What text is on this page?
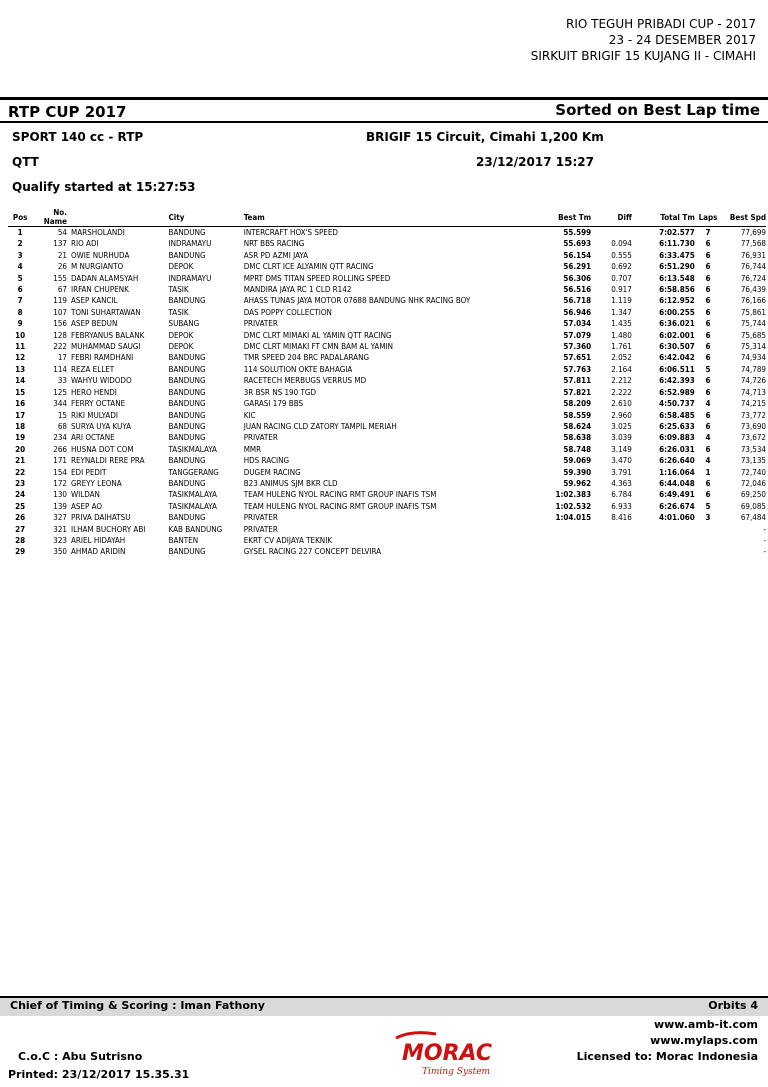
RIO TEGUH PRIBADI CUP - 2017
23 - 24 DESEMBER 2017
SIRKUIT BRIGIF 15 KUJANG II - CIMAHI
RTP CUP 2017	Sorted on Best Lap time
SPORT 140 cc - RTP	BRIGIF 15 Circuit, Cimahi 1,200 Km
QTT	23/12/2017 15:27
Qualify started at 15:27:53
Pos	No. Name		City	Team	Best Tm	Diff	Total Tm	Laps	Best Spd
1	54	MARSHOLANDI	BANDUNG	INTERCRAFT HOX'S SPEED	55.599		7:02.577	7	77,699
2	137	RIO ADI	INDRAMAYU	NRT BBS RACING	55.693	0.094	6:11.730	6	77,568
3	21	OWIE NURHUDA	BANDUNG	ASR PD AZMI JAYA	56.154	0.555	6:33.475	6	76,931
4	26	M NURGIANTO	DEPOK	DMC CLRT ICE ALYAMIN QTT RACING	56.291	0.692	6:51.290	6	76,744
5	155	DADAN ALAMSYAH	INDRAMAYU	MPRT DMS TITAN SPEED ROLLING SPEED	56.306	0.707	6:13.548	6	76,724
6	67	IRFAN CHUPENK	TASIK	MANDIRA JAYA RC 1 CLD R142	56.516	0.917	6:58.856	6	76,439
7	119	ASEP KANCIL	BANDUNG	AHASS TUNAS JAYA MOTOR 07688 BANDUNG NHK RACING BOY	56.718	1.119	6:12.952	6	76,166
8	107	TONI SUHARTAWAN	TASIK	DAS POPPY COLLECTION	56.946	1.347	6:00.255	6	75,861
9	156	ASEP BEDUN	SUBANG	PRIVATER	57.034	1.435	6:36.021	6	75,744
10	128	FEBRYANUS BALANK	DEPOK	DMC CLRT MIMAKI AL YAMIN QTT RACING	57.079	1.480	6:02.001	6	75,685
11	222	MUHAMMAD SAUGI	DEPOK	DMC CLRT MIMAKI FT CMN BAM AL YAMIN	57.360	1.761	6:30.507	6	75,314
12	17	FEBRI RAMDHANI	BANDUNG	TMR SPEED 204 BRC PADALARANG	57.651	2.052	6:42.042	6	74,934
13	114	REZA ELLET	BANDUNG	114 SOLUTION OKTE BAHAGIA	57.763	2.164	6:06.511	5	74,789
14	33	WAHYU WIDODO	BANDUNG	RACETECH MERBUGS VERRUS MD	57.811	2.212	6:42.393	6	74,726
15	125	HERO HENDI	BANDUNG	3R BSR NS 190 TGD	57.821	2.222	6:52.989	6	74,713
16	344	FERRY OCTANE	BANDUNG	GARASI 179 BBS	58.209	2.610	4:50.737	4	74,215
17	15	RIKI MULYADI	BANDUNG	KIC	58.559	2.960	6:58.485	6	73,772
18	68	SURYA UYA KUYA	BANDUNG	JUAN RACING CLD ZATORY TAMPIL MERIAH	58.624	3.025	6:25.633	6	73,690
19	234	ARI OCTANE	BANDUNG	PRIVATER	58.638	3.039	6:09.883	4	73,672
20	266	HUSNA DOT COM	TASIKMALAYA	MMR	58.748	3.149	6:26.031	6	73,534
21	171	REYNALDI RERE PRA	BANDUNG	HDS RACING	59.069	3.470	6:26.640	4	73,135
22	154	EDI PEDIT	TANGGERANG	DUGEM RACING	59.390	3.791	1:16.064	1	72,740
23	172	GREYY LEONA	BANDUNG	B23 ANIMUS SJM BKR CLD	59.962	4.363	6:44.048	6	72,046
24	130	WILDAN	TASIKMALAYA	TEAM HULENG NYOL RACING RMT GROUP INAFIS TSM	1:02.383	6.784	6:49.491	6	69,250
25	139	ASEP AO	TASIKMALAYA	TEAM HULENG NYOL RACING RMT GROUP INAFIS TSM	1:02.532	6.933	6:26.674	5	69,085
26	327	PRIVA DAIHATSU	BANDUNG	PRIVATER	1:04.015	8.416	4:01.060	3	67,484
27	321	ILHAM BUCHORY ABI	KAB BANDUNG	PRIVATER					-
28	323	ARIEL HIDAYAH	BANTEN	EKRT CV ADIJAYA TEKNIK					-
29	350	AHMAD ARIDIN	BANDUNG	GYSEL RACING 227 CONCEPT DELVIRA					-
Chief of Timing & Scoring : Iman Fathony	Orbits 4
www.amb-it.com
www.mylaps.com
Licensed to: Morac Indonesia
C.o.C : Abu Sutrisno
Printed: 23/12/2017 15.35.31
MORAC
Timing System
